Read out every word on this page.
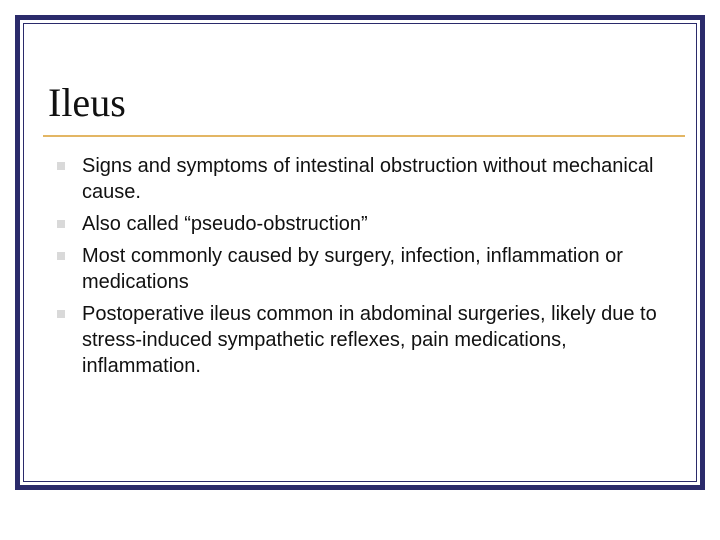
Ileus
Signs and symptoms of intestinal obstruction without mechanical cause.
Also called “pseudo-obstruction”
Most commonly caused by surgery, infection, inflammation or medications
Postoperative ileus common in abdominal surgeries, likely due to stress-induced sympathetic reflexes, pain medications, inflammation.
